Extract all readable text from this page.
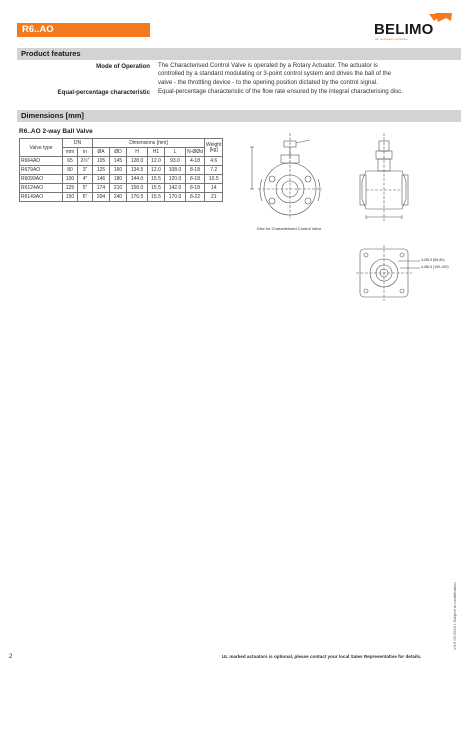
R6..AO	BELIMO
Air- and water-perfection
Product features
Mode of Operation The Characterised Control Valve is operated by a Rotary Actuator. The actuator is
controlled by a standard modulating or 3-point control system and drives the ball of the
valve - the throttling device - to the opening position dictated by the control signal.
Equal-percentage characteristic Equal-percentage characteristic of the flow rate ensured by the integral characterising disc.
Dimensions [mm]
R6..AO 2-way Ball Valve
Valve type	DN		Dimensions [mm]						Weight [kg]
	mm	in	ØA	ØD	H	H1	L	N-ØØd	
R664AO	65	2½"	105	145	128.0	12.0	93.0	4-18	4.6
R679AO	80	3"	125	160	134.5	12.0	108.0	8-18	7.2
R6099AO	100	4"	146	180	144.0	15.5	120.0	8-18	10.5
R6124AO	125	5"	174	210	158.0	15.5	142.0	8-18	14
R6149AO	150	6"	204	240	176.5	15.5	170.0	8-22	21
Disc for Characterised Control Valve
4-Ø5.5 (65-80)
4-Ø6.5 (100-150)
V4.6 09.2019 • Subject to modification
2	UL marked actuators is optional, please contact your local Sales Representative for details.
